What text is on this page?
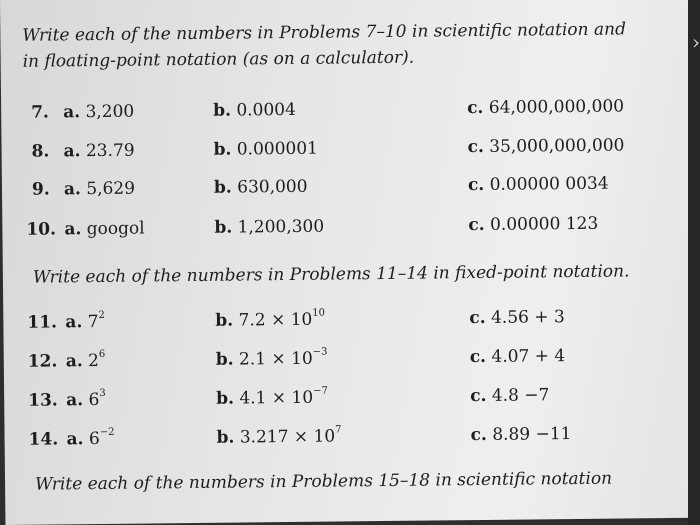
Write each of the numbers in Problems 7–10 in scientific notation and
in floating-point notation (as on a calculator).
7. a. 3,200	b. 0.0004	c. 64,000,000,000
8. a. 23.79	b. 0.000001	c. 35,000,000,000
9. a. 5,629	b. 630,000	c. 0.00000 0034
10. a. googol	b. 1,200,300	c. 0.00000 123
Write each of the numbers in Problems 11–14 in fixed-point notation.
11. a. $7^2$	b. $7.2 \times 10^{10}$	c. 4.56 + 3
12. a. $2^6$	b. $2.1 \times 10^{-3}$	c. 4.07 + 4
13. a. $6^3$	b. $4.1 \times 10^{-7}$	c. 4.8 −7
14. a. $6^{-2}$	b. $3.217 \times 10^7$	c. 8.89 −11
Write each of the numbers in Problems 15–18 in scientific notation
›
